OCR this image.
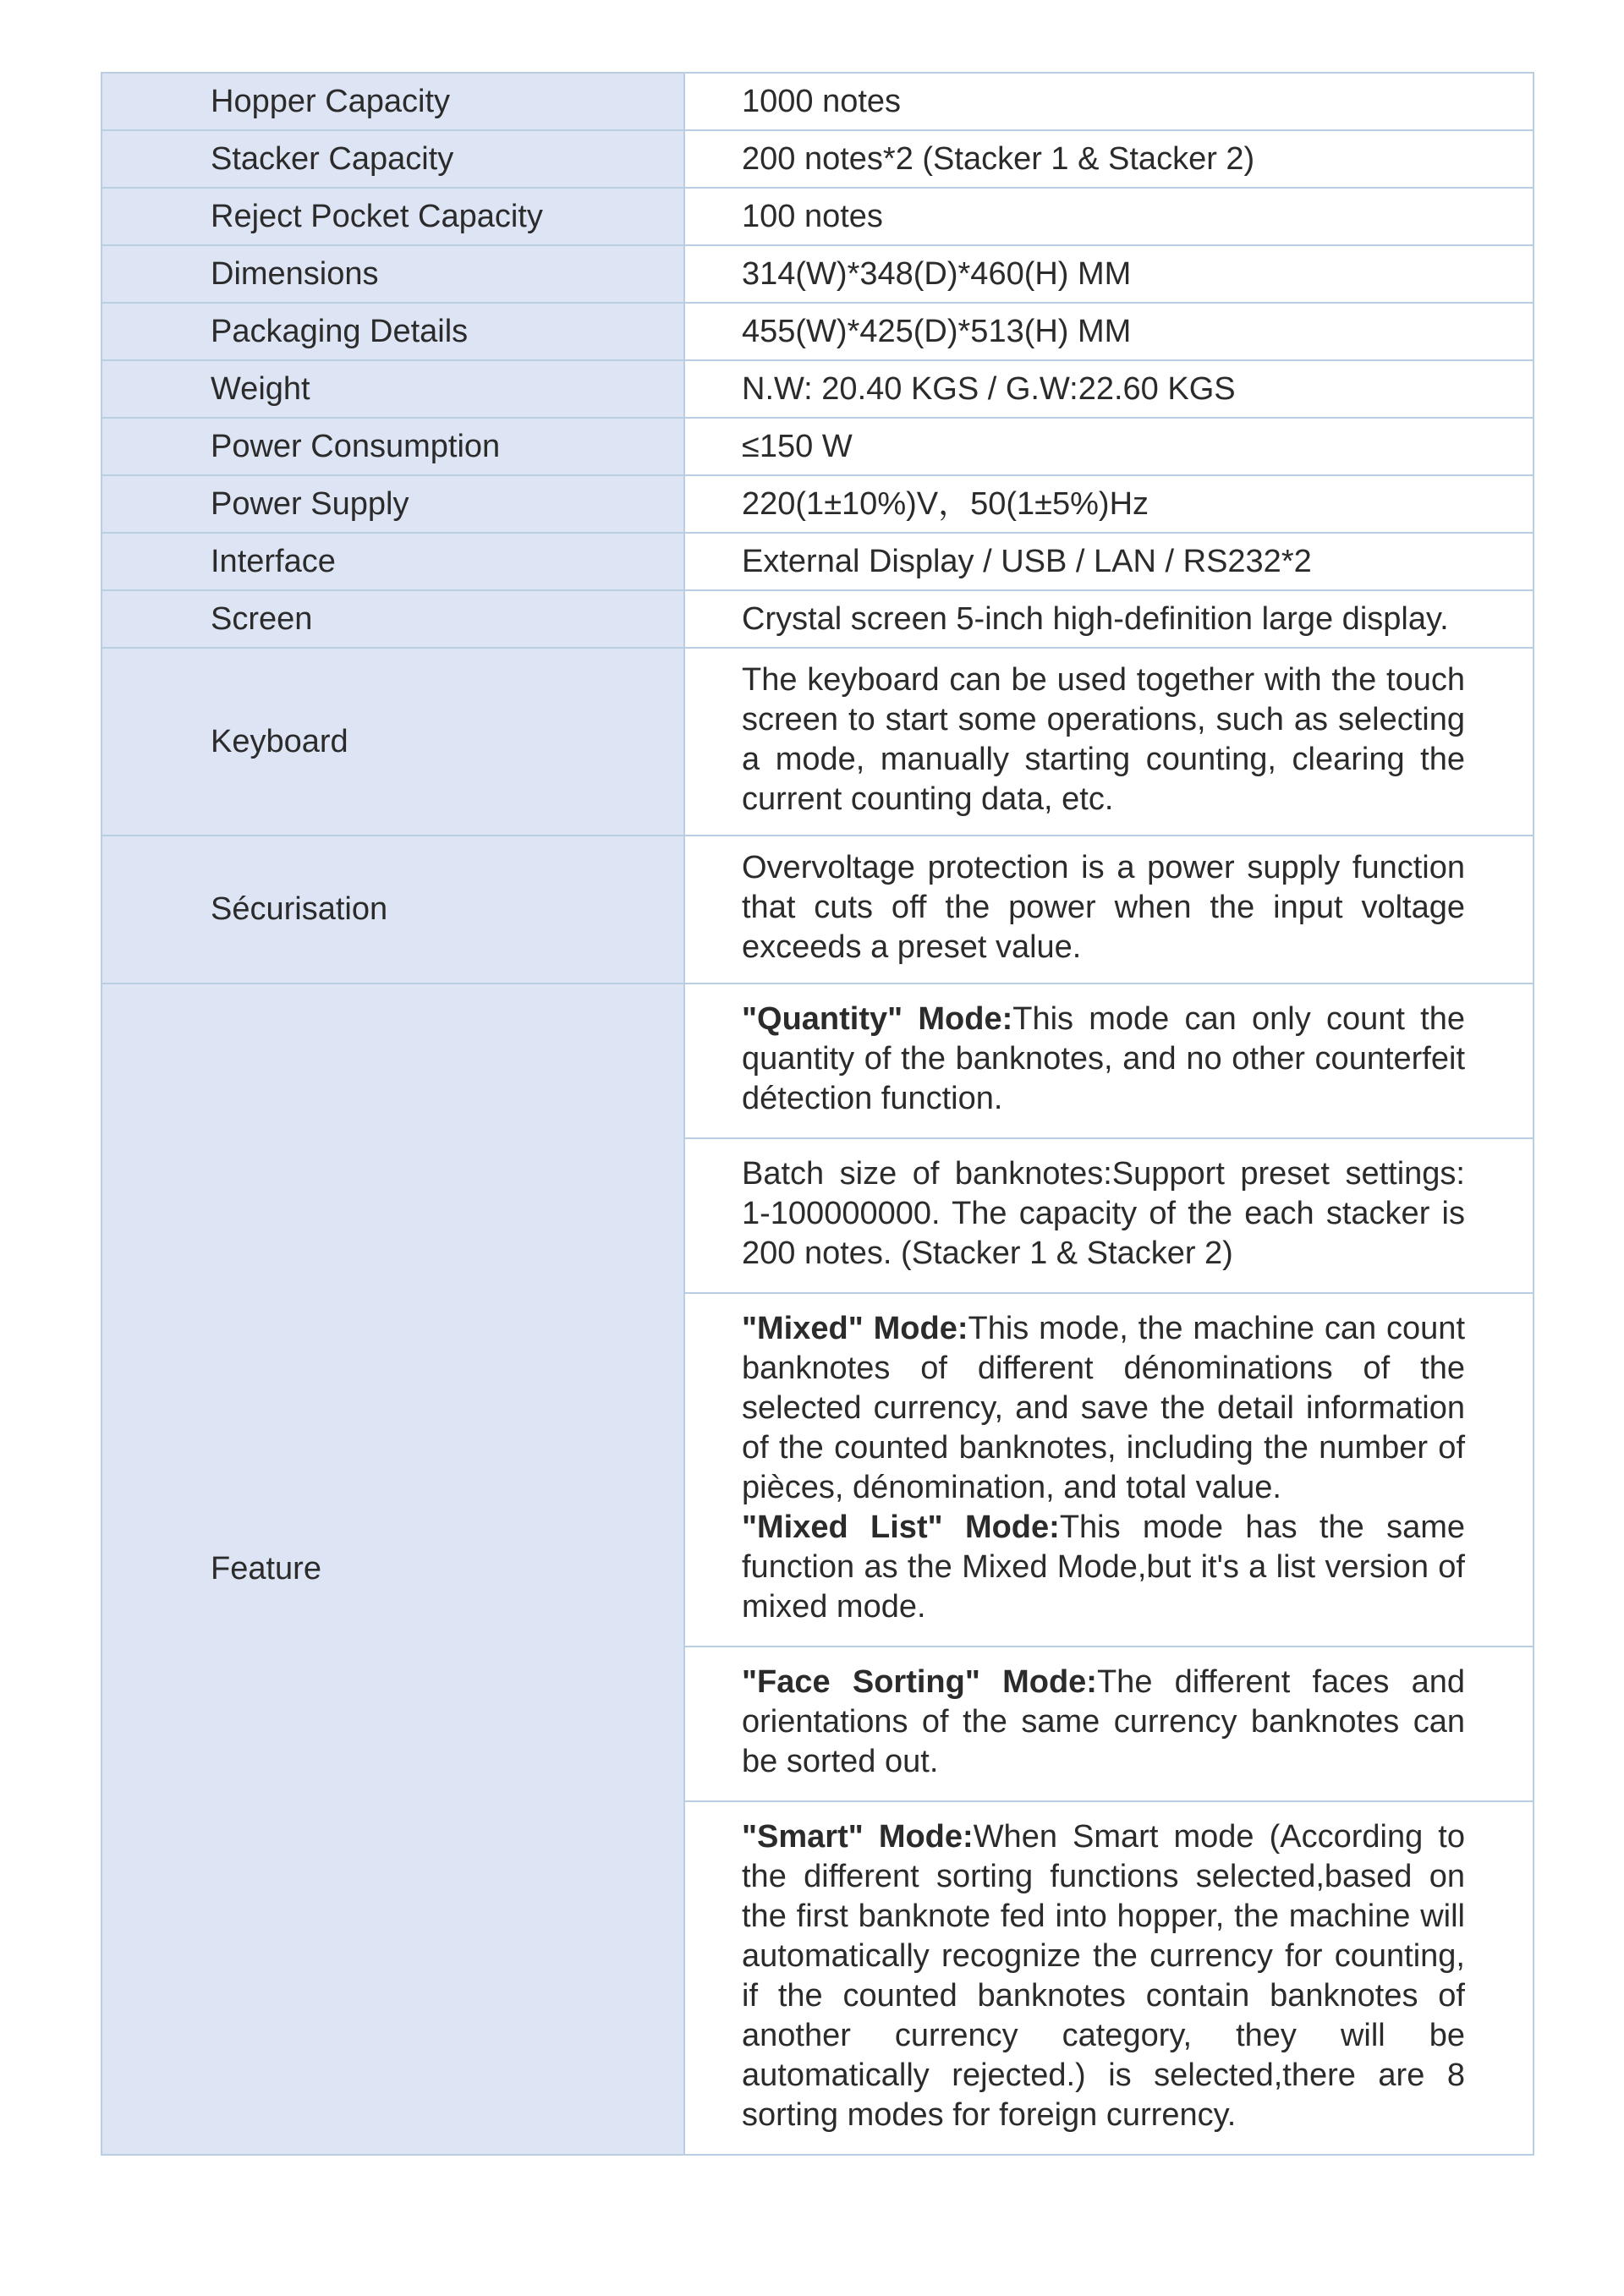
Hopper Capacity	1000 notes
Stacker Capacity	200 notes*2 (Stacker 1 & Stacker 2)
Reject Pocket Capacity	100 notes
Dimensions	314(W)*348(D)*460(H) MM
Packaging Details	455(W)*425(D)*513(H) MM
Weight	N.W: 20.40 KGS / G.W:22.60 KGS
Power Consumption	≤150 W
Power Supply	220(1±10%)V，50(1±5%)Hz
Interface	External Display / USB / LAN / RS232*2
Screen	Crystal screen 5-inch high-definition large display.
Keyboard	The keyboard can be used together with the touch screen to start some operations, such as selecting a mode, manually starting counting, clearing the current counting data, etc.
Sécurisation	Overvoltage protection is a power supply function that cuts off the power when the input voltage exceeds a preset value.
Feature	"Quantity" Mode:This mode can only count the quantity of the banknotes, and no other counterfeit détection function.

	Batch size of banknotes:Support preset settings: 1-100000000. The capacity of the each stacker is 200 notes. (Stacker 1 & Stacker 2)

	"Mixed" Mode:This mode, the machine can count banknotes of different dénominations of the selected currency, and save the detail information of the counted banknotes, including the number of pièces, dénomination, and total value.
"Mixed List" Mode:This mode has the same function as the Mixed Mode,but it's a list version of mixed mode.

	"Face Sorting" Mode:The different faces and orientations of the same currency banknotes can be sorted out.

	"Smart" Mode:When Smart mode (According to the different sorting functions selected,based on the first banknote fed into hopper, the machine will automatically recognize the currency for counting, if the counted banknotes contain banknotes of another currency category, they will be automatically rejected.) is selected,there are 8 sorting modes for foreign currency.
